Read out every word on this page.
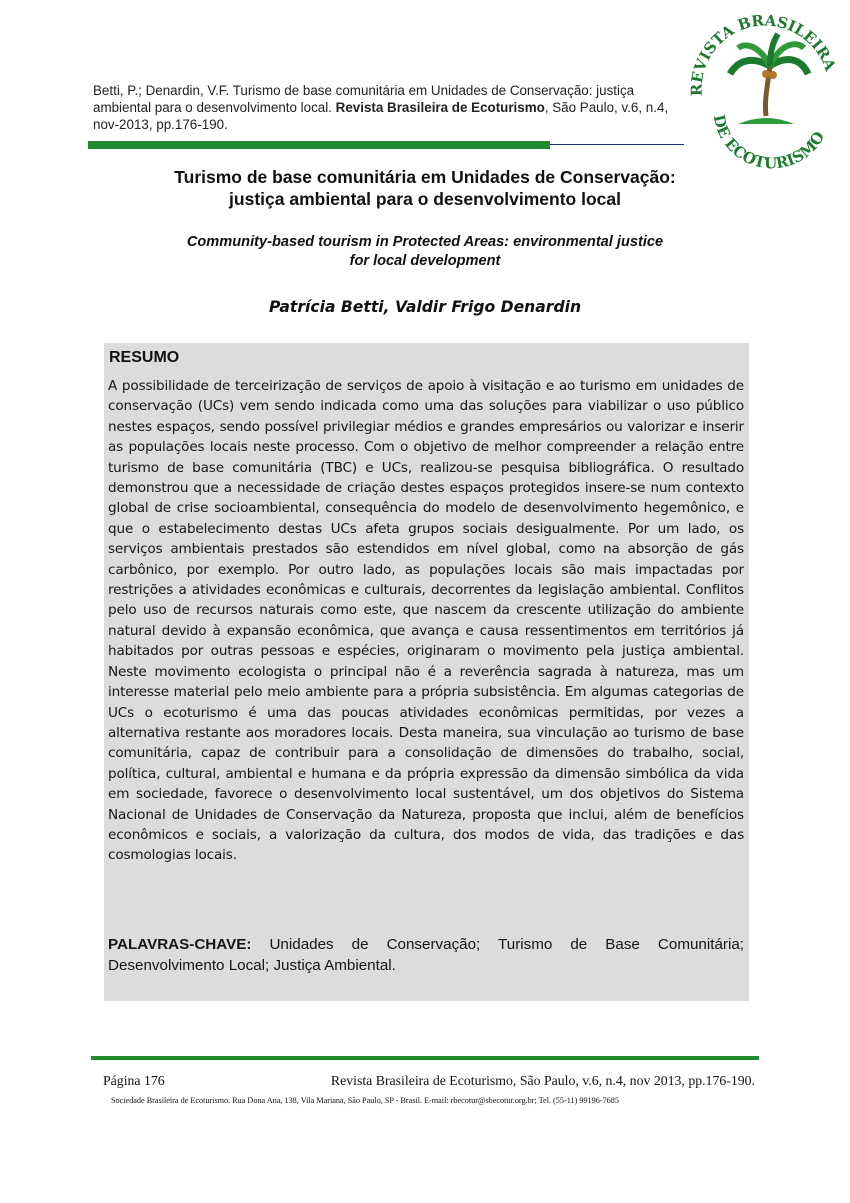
Betti, P.; Denardin, V.F. Turismo de base comunitária em Unidades de Conservação: justiça ambiental para o desenvolvimento local. Revista Brasileira de Ecoturismo, São Paulo, v.6, n.4, nov-2013, pp.176-190.
REVISTA BRASILEIRA
DE ECOTURISMO
Turismo de base comunitária em Unidades de Conservação:
justiça ambiental para o desenvolvimento local
Community-based tourism in Protected Areas: environmental justice
for local development
Patrícia Betti, Valdir Frigo Denardin
RESUMO
A possibilidade de terceirização de serviços de apoio à visitação e ao turismo em unidades de conservação (UCs) vem sendo indicada como uma das soluções para viabilizar o uso público nestes espaços, sendo possível privilegiar médios e grandes empresários ou valorizar e inserir as populações locais neste processo. Com o objetivo de melhor compreender a relação entre turismo de base comunitária (TBC) e UCs, realizou-se pesquisa bibliográfica. O resultado demonstrou que a necessidade de criação destes espaços protegidos insere-se num contexto global de crise socioambiental, consequência do modelo de desenvolvimento hegemônico, e que o estabelecimento destas UCs afeta grupos sociais desigualmente. Por um lado, os serviços ambientais prestados são estendidos em nível global, como na absorção de gás carbônico, por exemplo. Por outro lado, as populações locais são mais impactadas por restrições a atividades econômicas e culturais, decorrentes da legislação ambiental. Conflitos pelo uso de recursos naturais como este, que nascem da crescente utilização do ambiente natural devido à expansão econômica, que avança e causa ressentimentos em territórios já habitados por outras pessoas e espécies, originaram o movimento pela justiça ambiental. Neste movimento ecologista o principal não é a reverência sagrada à natureza, mas um interesse material pelo meio ambiente para a própria subsistência. Em algumas categorias de UCs o ecoturismo é uma das poucas atividades econômicas permitidas, por vezes a alternativa restante aos moradores locais. Desta maneira, sua vinculação ao turismo de base comunitária, capaz de contribuir para a consolidação de dimensões do trabalho, social, política, cultural, ambiental e humana e da própria expressão da dimensão simbólica da vida em sociedade, favorece o desenvolvimento local sustentável, um dos objetivos do Sistema Nacional de Unidades de Conservação da Natureza, proposta que inclui, além de benefícios econômicos e sociais, a valorização da cultura, dos modos de vida, das tradições e das cosmologias locais.
PALAVRAS-CHAVE: Unidades de Conservação; Turismo de Base Comunitária; Desenvolvimento Local; Justiça Ambiental.
Página 176	Revista Brasileira de Ecoturismo, São Paulo, v.6, n.4, nov 2013, pp.176-190.
Sociedade Brasileira de Ecoturismo. Rua Dona Ana, 138, Vila Mariana, São Paulo, SP - Brasil. E-mail: rbecotur@sbecotur.org.br; Tel. (55-11) 99196-7685
